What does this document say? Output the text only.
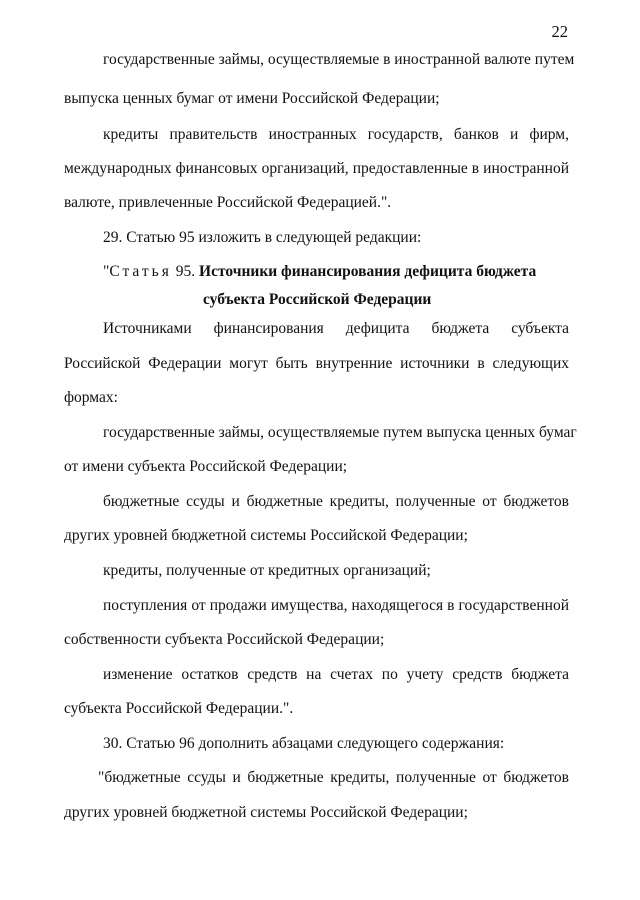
22
государственные займы, осуществляемые в иностранной валюте путем
выпуска ценных бумаг от имени Российской Федерации;
кредиты правительств иностранных государств, банков и фирм,
международных финансовых организаций, предоставленные в иностранной
валюте, привлеченные Российской Федерацией.".
29. Статью 95 изложить в следующей редакции:
"Статья 95. Источники финансирования дефицита бюджета
субъекта Российской Федерации
Источниками финансирования дефицита бюджета субъекта
Российской Федерации могут быть внутренние источники в следующих
формах:
государственные займы, осуществляемые путем выпуска ценных бумаг
от имени субъекта Российской Федерации;
бюджетные ссуды и бюджетные кредиты, полученные от бюджетов
других уровней бюджетной системы Российской Федерации;
кредиты, полученные от кредитных организаций;
поступления от продажи имущества, находящегося в государственной
собственности субъекта Российской Федерации;
изменение остатков средств на счетах по учету средств бюджета
субъекта Российской Федерации.".
30. Статью 96 дополнить абзацами следующего содержания:
"бюджетные ссуды и бюджетные кредиты, полученные от бюджетов
других уровней бюджетной системы Российской Федерации;
